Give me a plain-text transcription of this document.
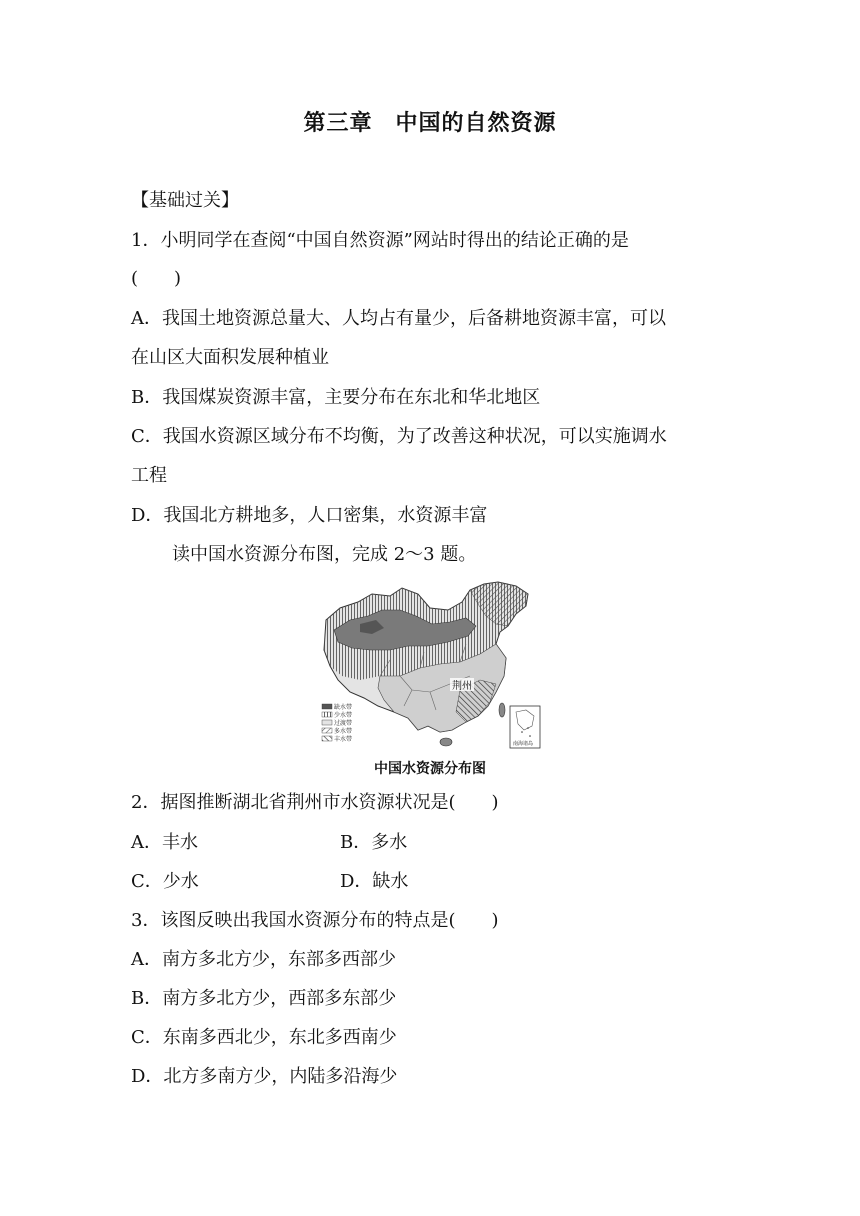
第三章　中国的自然资源
【基础过关】
1．小明同学在查阅“中国自然资源”网站时得出的结论正确的是
(　　)
A．我国土地资源总量大、人均占有量少，后备耕地资源丰富，可以
在山区大面积发展种植业
B．我国煤炭资源丰富，主要分布在东北和华北地区
C．我国水资源区域分布不均衡，为了改善这种状况，可以实施调水
工程
D．我国北方耕地多，人口密集，水资源丰富
读中国水资源分布图，完成 2～3 题。
荆州
缺水带
少水带
过渡带
多水带
丰水带
南海诸岛
中国水资源分布图
2．据图推断湖北省荆州市水资源状况是(　　)
A．丰水	B．多水
C．少水	D．缺水
3．该图反映出我国水资源分布的特点是(　　)
A．南方多北方少，东部多西部少
B．南方多北方少，西部多东部少
C．东南多西北少，东北多西南少
D．北方多南方少，内陆多沿海少
